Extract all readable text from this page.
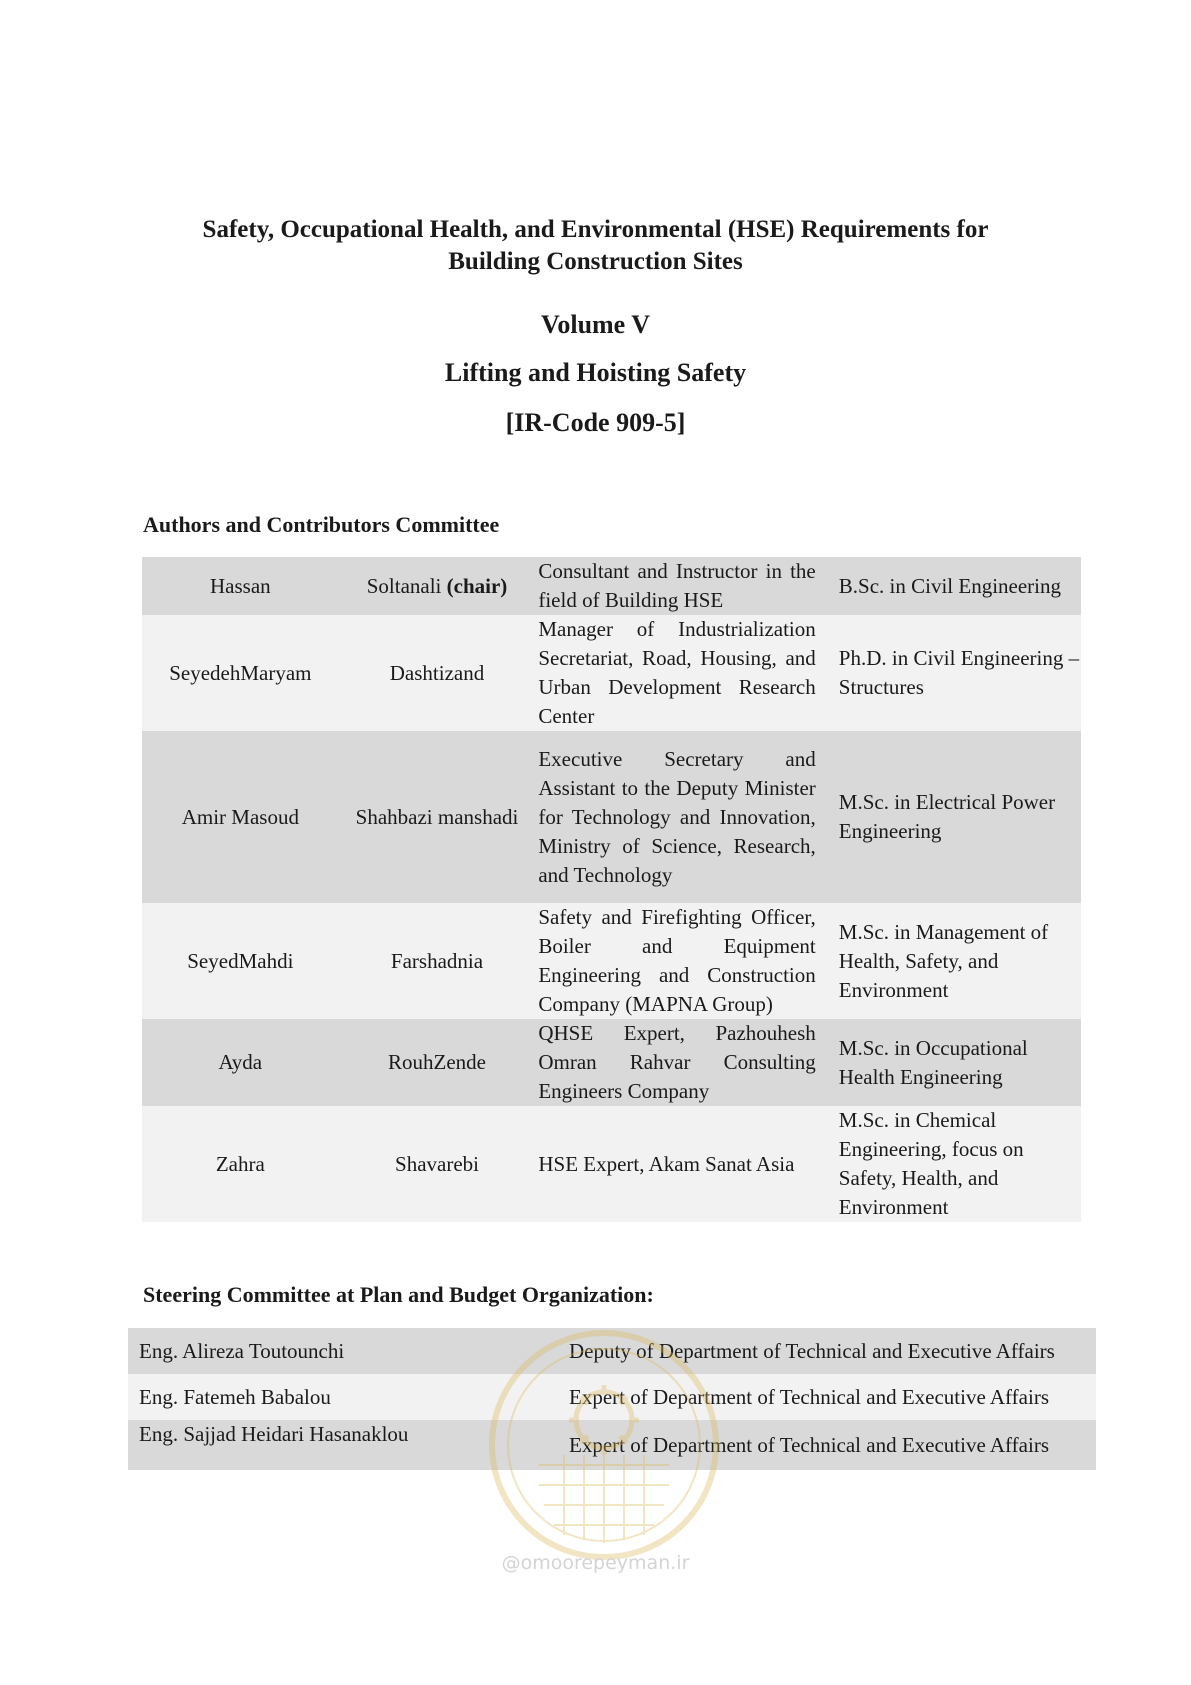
Safety, Occupational Health, and Environmental (HSE) Requirements for
Building Construction Sites
Volume V
Lifting and Hoisting Safety
[IR-Code 909-5]
Authors and Contributors Committee
Hassan	Soltanali (chair)	Consultant and Instructor in the field of Building HSE	B.Sc. in Civil Engineering
SeyedehMaryam	Dashtizand	Manager of Industrialization Secretariat, Road, Housing, and Urban Development Research Center	Ph.D. in Civil Engineering – Structures
Amir Masoud	Shahbazi manshadi	Executive Secretary and Assistant to the Deputy Minister for Technology and Innovation, Ministry of Science, Research, and Technology	M.Sc. in Electrical Power Engineering
SeyedMahdi	Farshadnia	Safety and Firefighting Officer, Boiler and Equipment Engineering and Construction Company (MAPNA Group)	M.Sc. in Management of Health, Safety, and Environment
Ayda	RouhZende	QHSE Expert, Pazhouhesh Omran Rahvar Consulting Engineers Company	M.Sc. in Occupational Health Engineering
Zahra	Shavarebi	HSE Expert, Akam Sanat Asia	M.Sc. in Chemical Engineering, focus on Safety, Health, and Environment
Steering Committee at Plan and Budget Organization:
Eng. Alireza Toutounchi	Deputy of Department of Technical and Executive Affairs
Eng. Fatemeh Babalou	Expert of Department of Technical and Executive Affairs
Eng. Sajjad Heidari Hasanaklou	Expert of Department of Technical and Executive Affairs
@omoorepeyman.ir
